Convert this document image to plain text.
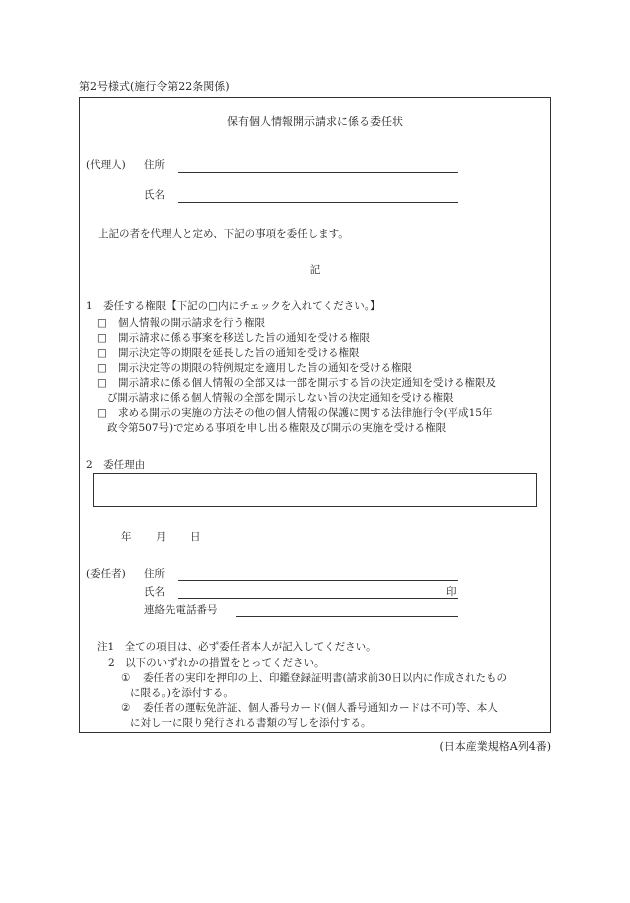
第2号様式(施行令第22条関係)
保有個人情報開示請求に係る委任状
(代理人) 住所
氏名
上記の者を代理人と定め、下記の事項を委任します。
記
1　委任する権限【下記の□内にチェックを入れてください。】
□ 個人情報の開示請求を行う権限
□ 開示請求に係る事案を移送した旨の通知を受ける権限
□ 開示決定等の期限を延長した旨の通知を受ける権限
□ 開示決定等の期限の特例規定を適用した旨の通知を受ける権限
□ 開示請求に係る個人情報の全部又は一部を開示する旨の決定通知を受ける権限及
び開示請求に係る個人情報の全部を開示しない旨の決定通知を受ける権限
□ 求める開示の実施の方法その他の個人情報の保護に関する法律施行令(平成15年
政令第507号)で定める事項を申し出る権限及び開示の実施を受ける権限
2　委任理由
年 月 日
(委任者) 住所
氏名	印
連絡先電話番号
注1　全ての項目は、必ず委任者本人が記入してください。
2　以下のいずれかの措置をとってください。
① 委任者の実印を押印の上、印鑑登録証明書(請求前30日以内に作成されたもの
に限る。)を添付する。
② 委任者の運転免許証、個人番号カード(個人番号通知カードは不可)等、本人
に対し一に限り発行される書類の写しを添付する。
(日本産業規格A列4番)
